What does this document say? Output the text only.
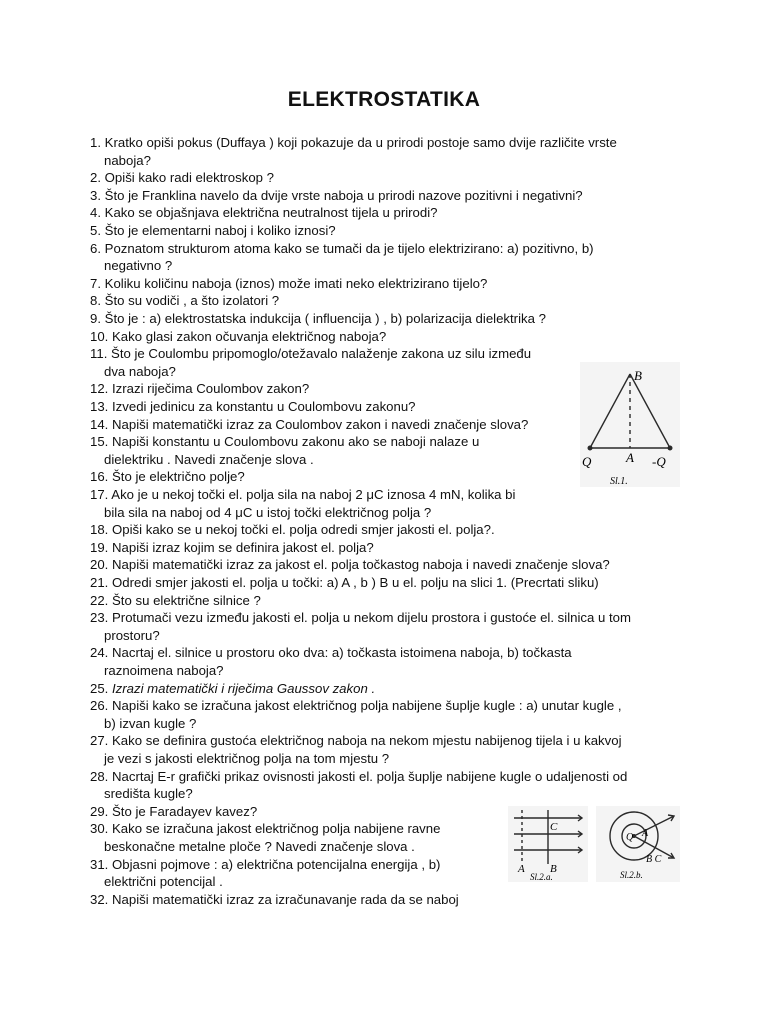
ELEKTROSTATIKA
1. Kratko opiši pokus (Duffaya ) koji pokazuje da u prirodi postoje samo dvije različite vrste
naboja?
2. Opiši kako radi elektroskop ?
3. Što je Franklina navelo da dvije vrste naboja u prirodi nazove pozitivni i negativni?
4. Kako se objašnjava električna neutralnost tijela u prirodi?
5. Što je elementarni naboj i koliko iznosi?
6. Poznatom strukturom atoma kako se tumači da je tijelo elektrizirano: a) pozitivno, b)
negativno ?
7. Koliku količinu naboja (iznos) može imati neko elektrizirano tijelo?
8. Što su vodiči , a što izolatori ?
9. Što je : a) elektrostatska indukcija ( influencija ) , b) polarizacija dielektrika ?
10. Kako glasi zakon očuvanja električnog naboja?
11. Što je Coulombu pripomoglo/otežavalo nalaženje zakona uz silu između
dva naboja?
12. Izrazi riječima Coulombov zakon?
13. Izvedi jedinicu za konstantu u Coulombovu zakonu?
14. Napiši matematički izraz za Coulombov zakon i navedi značenje slova?
15. Napiši konstantu u Coulombovu zakonu ako se naboji nalaze u
dielektriku . Navedi značenje slova .
16. Što je električno polje?
17. Ako je u nekoj točki el. polja sila na naboj 2 μC iznosa 4 mN, kolika bi
bila sila na naboj od 4 μC u istoj točki električnog polja ?
18. Opiši kako se u nekoj točki el. polja odredi smjer jakosti el. polja?.
19. Napiši izraz kojim se definira jakost el. polja?
20. Napiši matematički izraz za jakost el. polja točkastog naboja i navedi značenje slova?
21. Odredi smjer jakosti el. polja u točki: a) A , b ) B u el. polju na slici 1. (Precrtati sliku)
22. Što su električne silnice ?
23. Protumači vezu između jakosti el. polja u nekom dijelu prostora i gustoće el. silnica u tom
prostoru?
24. Nacrtaj el. silnice u prostoru oko dva: a) točkasta istoimena naboja, b) točkasta
raznoimena naboja?
25. Izrazi matematički i riječima Gaussov zakon .
26. Napiši kako se izračuna jakost električnog polja nabijene šuplje kugle : a) unutar kugle ,
b) izvan kugle ?
27. Kako se definira gustoća električnog naboja na nekom mjestu nabijenog tijela i u kakvoj
je vezi s jakosti električnog polja na tom mjestu ?
28. Nacrtaj E-r grafički prikaz ovisnosti jakosti el. polja šuplje nabijene kugle o udaljenosti od
središta kugle?
29. Što je Faradayev kavez?
30. Kako se izračuna jakost električnog polja nabijene ravne
beskonačne metalne ploče ? Navedi značenje slova .
31. Objasni pojmove : a) električna potencijalna energija , b)
električni potencijal .
32. Napiši matematički izraz za izračunavanje rada da se naboj
B
Q	A -Q
Sl.1.
C
A B
Sl.2.a.
Q A
B C
Sl.2.b.
